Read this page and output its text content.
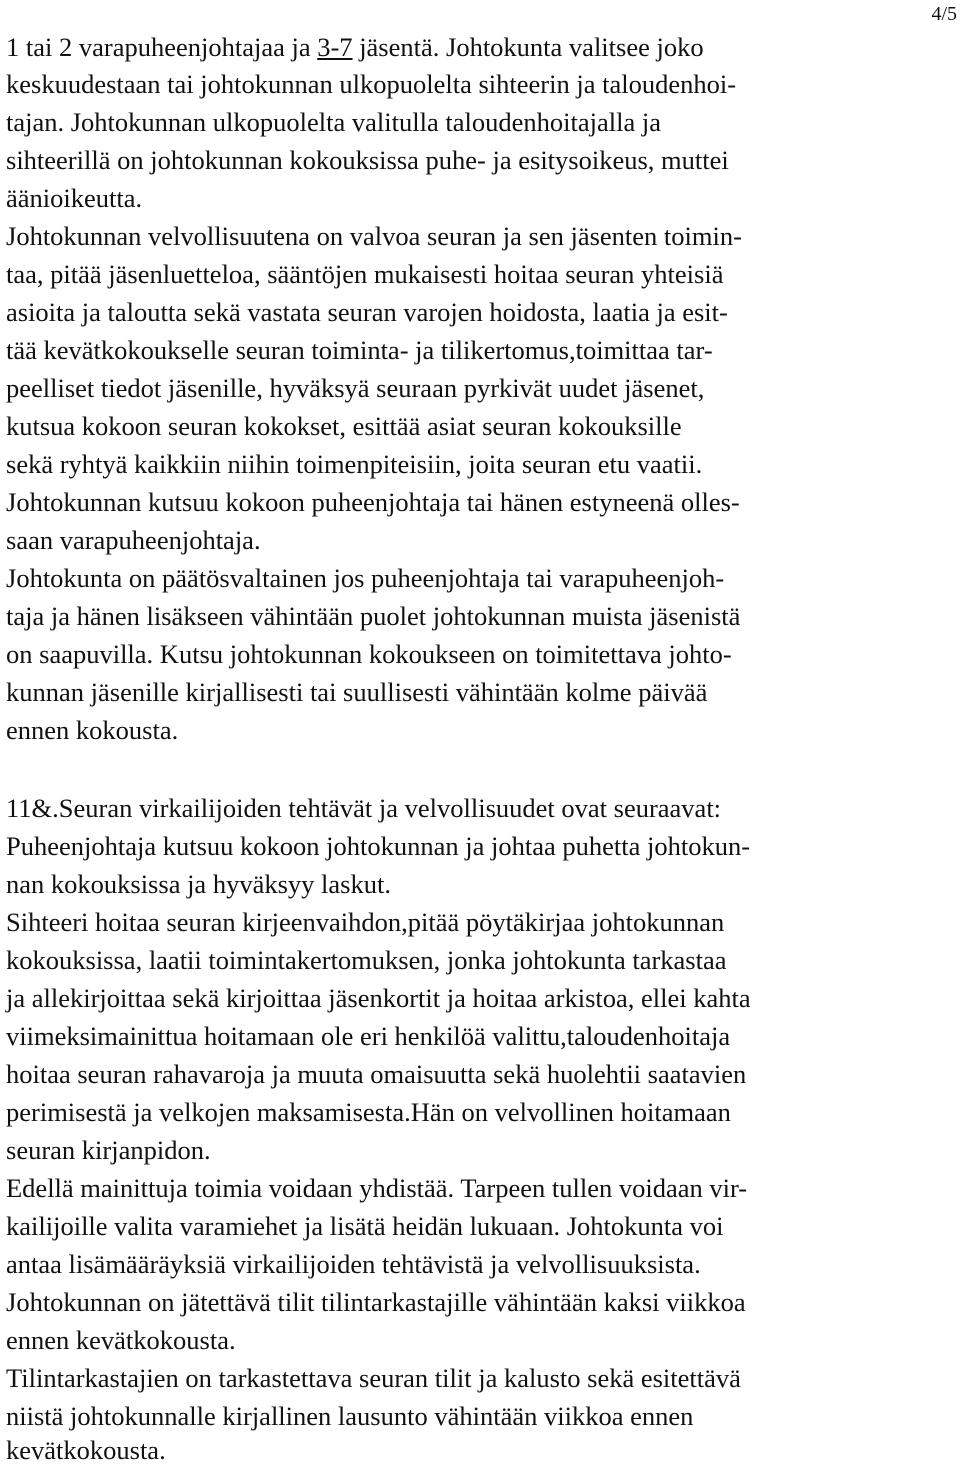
4/5
1 tai 2 varapuheenjohtajaa ja 3-7 jäsentä. Johtokunta valitsee joko
keskuudestaan tai johtokunnan ulkopuolelta sihteerin ja taloudenhoi-
tajan. Johtokunnan ulkopuolelta valitulla taloudenhoitajalla ja
sihteerillä on johtokunnan kokouksissa puhe- ja esitysoikeus, muttei
äänioikeutta.
Johtokunnan velvollisuutena on valvoa seuran ja sen jäsenten toimin-
taa, pitää jäsenluetteloa, sääntöjen mukaisesti hoitaa seuran yhteisiä
asioita ja taloutta sekä vastata seuran varojen hoidosta, laatia ja esit-
tää kevätkokoukselle seuran toiminta- ja tilikertomus,toimittaa tar-
peelliset tiedot jäsenille, hyväksyä seuraan pyrkivät uudet jäsenet,
kutsua kokoon seuran kokokset, esittää asiat seuran kokouksille
sekä ryhtyä kaikkiin niihin toimenpiteisiin, joita seuran etu vaatii.
Johtokunnan kutsuu kokoon puheenjohtaja tai hänen estyneenä olles-
saan varapuheenjohtaja.
Johtokunta on päätösvaltainen jos puheenjohtaja tai varapuheenjoh-
taja ja hänen lisäkseen vähintään puolet johtokunnan muista jäsenistä
on saapuvilla. Kutsu johtokunnan kokoukseen on toimitettava johto-
kunnan jäsenille kirjallisesti tai suullisesti vähintään kolme päivää
ennen kokousta.
11&.Seuran virkailijoiden tehtävät ja velvollisuudet ovat seuraavat:
Puheenjohtaja kutsuu kokoon johtokunnan ja johtaa puhetta johtokun-
nan kokouksissa ja hyväksyy laskut.
Sihteeri hoitaa seuran kirjeenvaihdon,pitää pöytäkirjaa johtokunnan
kokouksissa, laatii toimintakertomuksen, jonka johtokunta tarkastaa
ja allekirjoittaa sekä kirjoittaa jäsenkortit ja hoitaa arkistoa, ellei kahta
viimeksimainittua hoitamaan ole eri henkilöä valittu,taloudenhoitaja
hoitaa seuran rahavaroja ja muuta omaisuutta sekä huolehtii saatavien
perimisestä ja velkojen maksamisesta.Hän on velvollinen hoitamaan
seuran kirjanpidon.
Edellä mainittuja toimia voidaan yhdistää. Tarpeen tullen voidaan vir-
kailijoille valita varamiehet ja lisätä heidän lukuaan. Johtokunta voi
antaa lisämääräyksiä virkailijoiden tehtävistä ja velvollisuuksista.
Johtokunnan on jätettävä tilit tilintarkastajille vähintään kaksi viikkoa
ennen kevätkokousta.
Tilintarkastajien on tarkastettava seuran tilit ja kalusto sekä esitettävä
niistä johtokunnalle kirjallinen lausunto vähintään viikkoa ennen
kevätkokousta.
